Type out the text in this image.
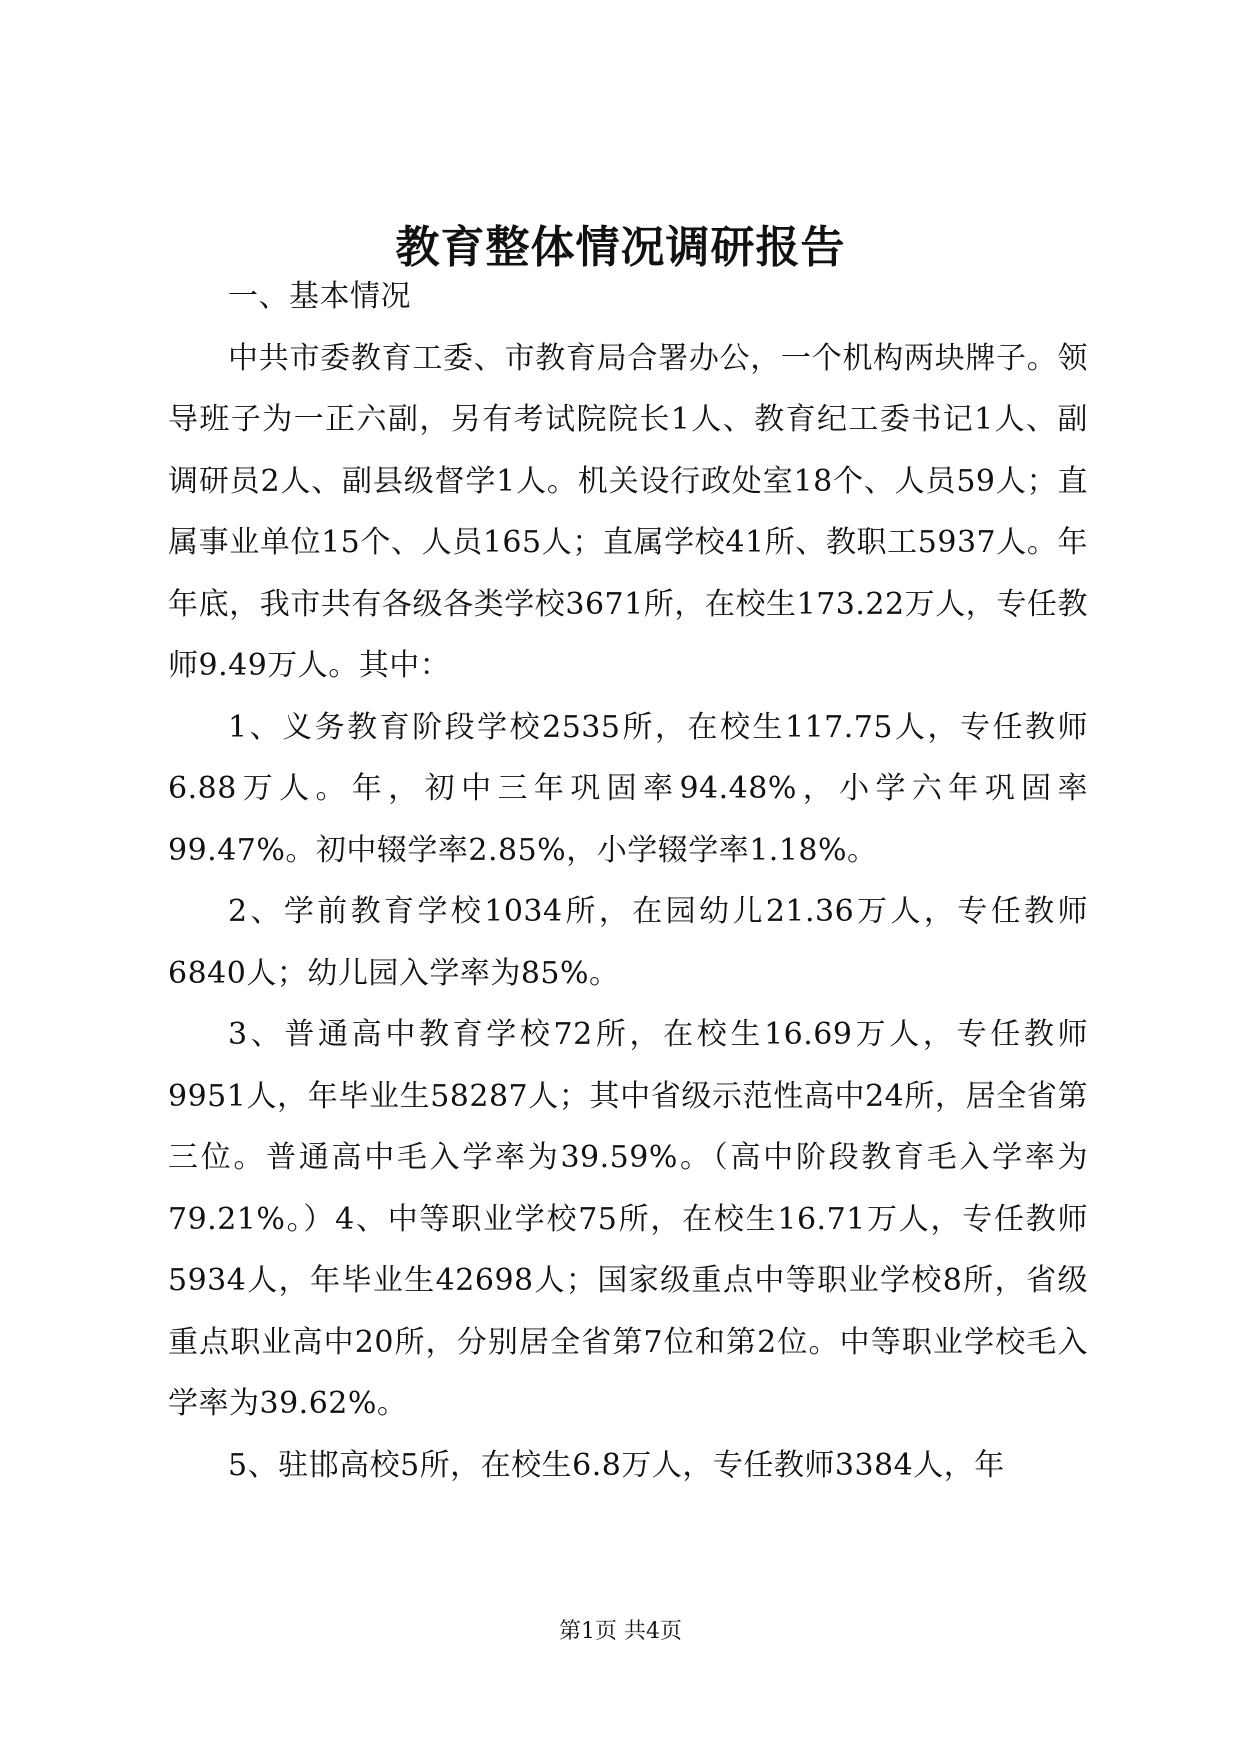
教育整体情况调研报告

一、基本情况

中共市委教育工委、市教育局合署办公，一个机构两块牌子。领导班子为一正六副，另有考试院院长1人、教育纪工委书记1人、副调研员2人、副县级督学1人。机关设行政处室18个、人员59人；直属事业单位15个、人员165人；直属学校41所、教职工5937人。年年底，我市共有各级各类学校3671所，在校生173.22万人，专任教师9.49万人。其中：

1、义务教育阶段学校2535所，在校生117.75人，专任教师6.88万人。年，初中三年巩固率94.48%，小学六年巩固率99.47%。初中辍学率2.85%，小学辍学率1.18%。

2、学前教育学校1034所，在园幼儿21.36万人，专任教师6840人；幼儿园入学率为85%。

3、普通高中教育学校72所，在校生16.69万人，专任教师9951人，年毕业生58287人；其中省级示范性高中24所，居全省第三位。普通高中毛入学率为39.59%。（高中阶段教育毛入学率为79.21%。）4、中等职业学校75所，在校生16.71万人，专任教师5934人，年毕业生42698人；国家级重点中等职业学校8所，省级重点职业高中20所，分别居全省第7位和第2位。中等职业学校毛入学率为39.62%。

5、驻邯高校5所，在校生6.8万人，专任教师3384人，年

第1页 共4页
